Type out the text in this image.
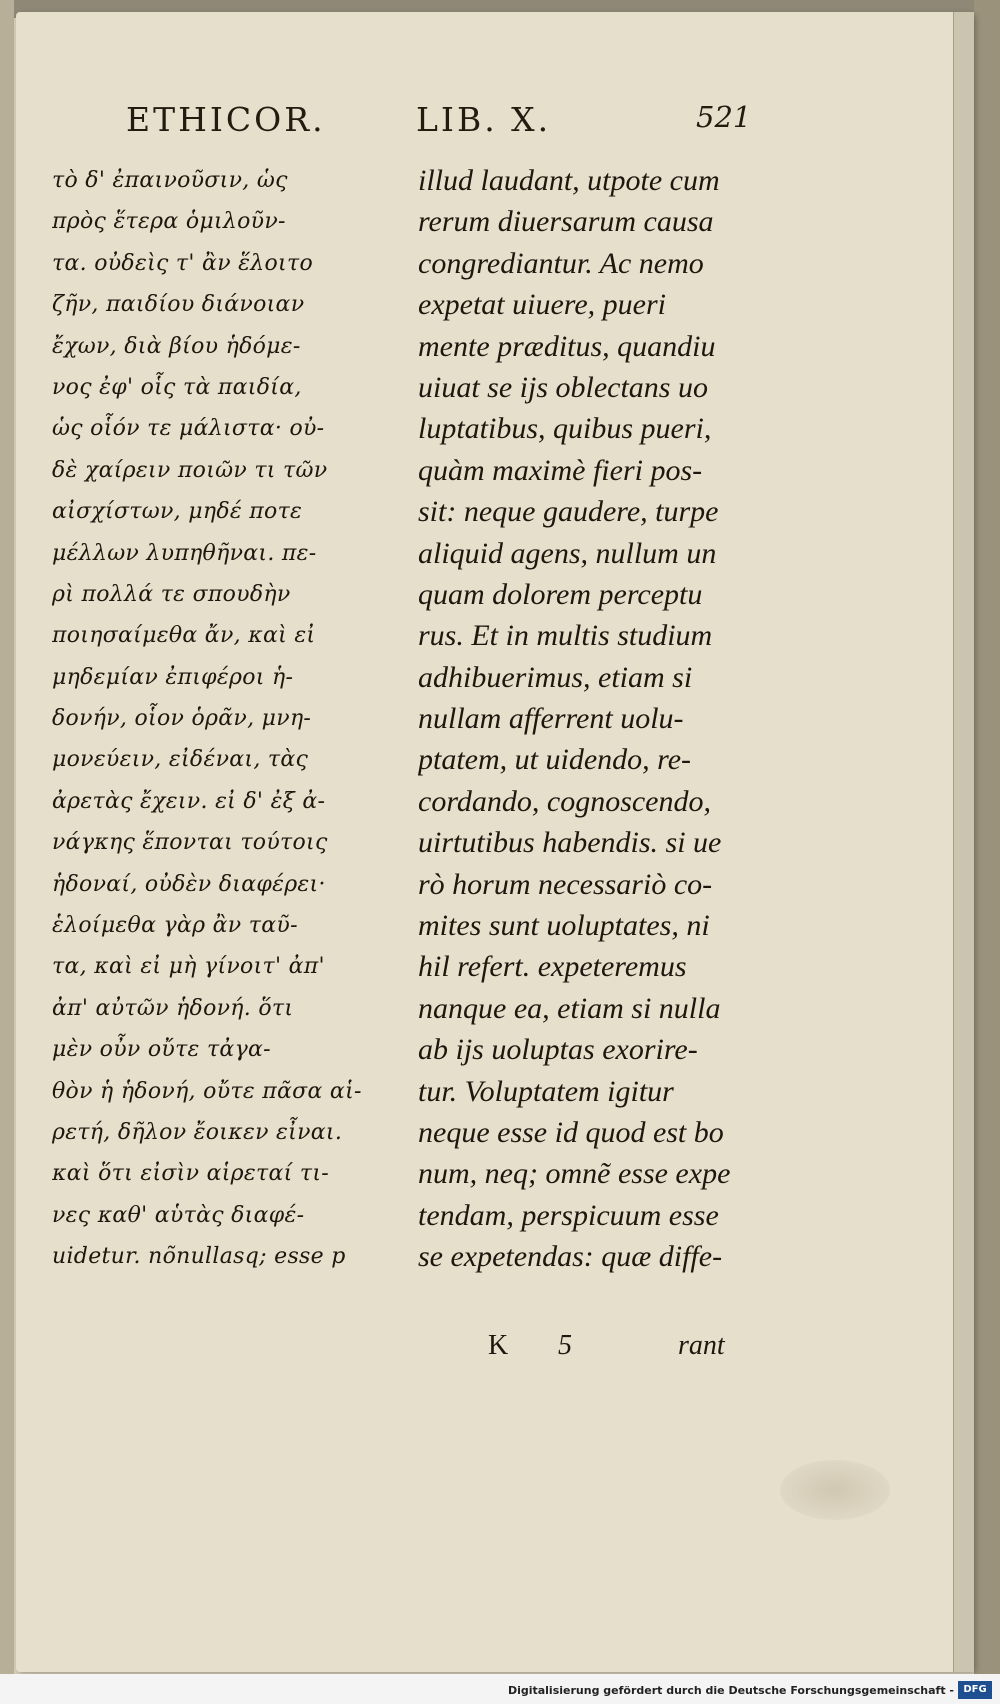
ETHICOR.	LIB. X.	521
τὸ δ' ἐπαινοῦσιν, ὡς
πρὸς ἕτερα ὁμιλοῦν-
τα. οὐδεὶς τ' ἂν ἕλοιτο
ζῆν, παιδίου διάνοιαν
ἔχων, διὰ βίου ἡδόμε-
νος ἐφ' οἷς τὰ παιδία,
ὡς οἷόν τε μάλιστα· οὐ-
δὲ χαίρειν ποιῶν τι τῶν
αἰσχίστων, μηδέ ποτε
μέλλων λυπηθῆναι. πε-
ρὶ πολλά τε σπουδὴν
ποιησαίμεθα ἄν, καὶ εἰ
μηδεμίαν ἐπιφέροι ἡ-
δονήν, οἷον ὁρᾶν, μνη-
μονεύειν, εἰδέναι, τὰς
ἀρετὰς ἔχειν. εἰ δ' ἐξ ἀ-
νάγκης ἕπονται τούτοις
ἡδοναί, οὐδὲν διαφέρει·
ἑλοίμεθα γὰρ ἂν ταῦ-
τα, καὶ εἰ μὴ γίνοιτ' ἀπ'
ἀπ' αὐτῶν ἡδονή. ὅτι
μὲν οὖν οὔτε τἀγα-
θὸν ἡ ἡδονή, οὔτε πᾶσα αἱ-
ρετή, δῆλον ἔοικεν εἶναι.
καὶ ὅτι εἰσὶν αἱρεταί τι-
νες καθ' αὑτὰς διαφέ-
uidetur. nõnullasq; esse p
illud laudant, utpote cum
rerum diuersarum causa
congrediantur. Ac nemo
expetat uiuere, pueri
mente præditus, quandiu
uiuat se ijs oblectans uo
luptatibus, quibus pueri,
quàm maximè fieri pos-
sit: neque gaudere, turpe
aliquid agens, nullum un
quam dolorem perceptu
rus. Et in multis studium
adhibuerimus, etiam si
nullam afferrent uolu-
ptatem, ut uidendo, re-
cordando, cognoscendo,
uirtutibus habendis. si ue
rò horum necessariò co-
mites sunt uoluptates, ni
hil refert. expeteremus
nanque ea, etiam si nulla
ab ijs uoluptas exorire-
tur. Voluptatem igitur
neque esse id quod est bo
num, neq; omnẽ esse expe
tendam, perspicuum esse
se expetendas: quæ diffe-
K 5	rant
Digitalisierung gefördert durch die Deutsche Forschungsgemeinschaft - DFG
